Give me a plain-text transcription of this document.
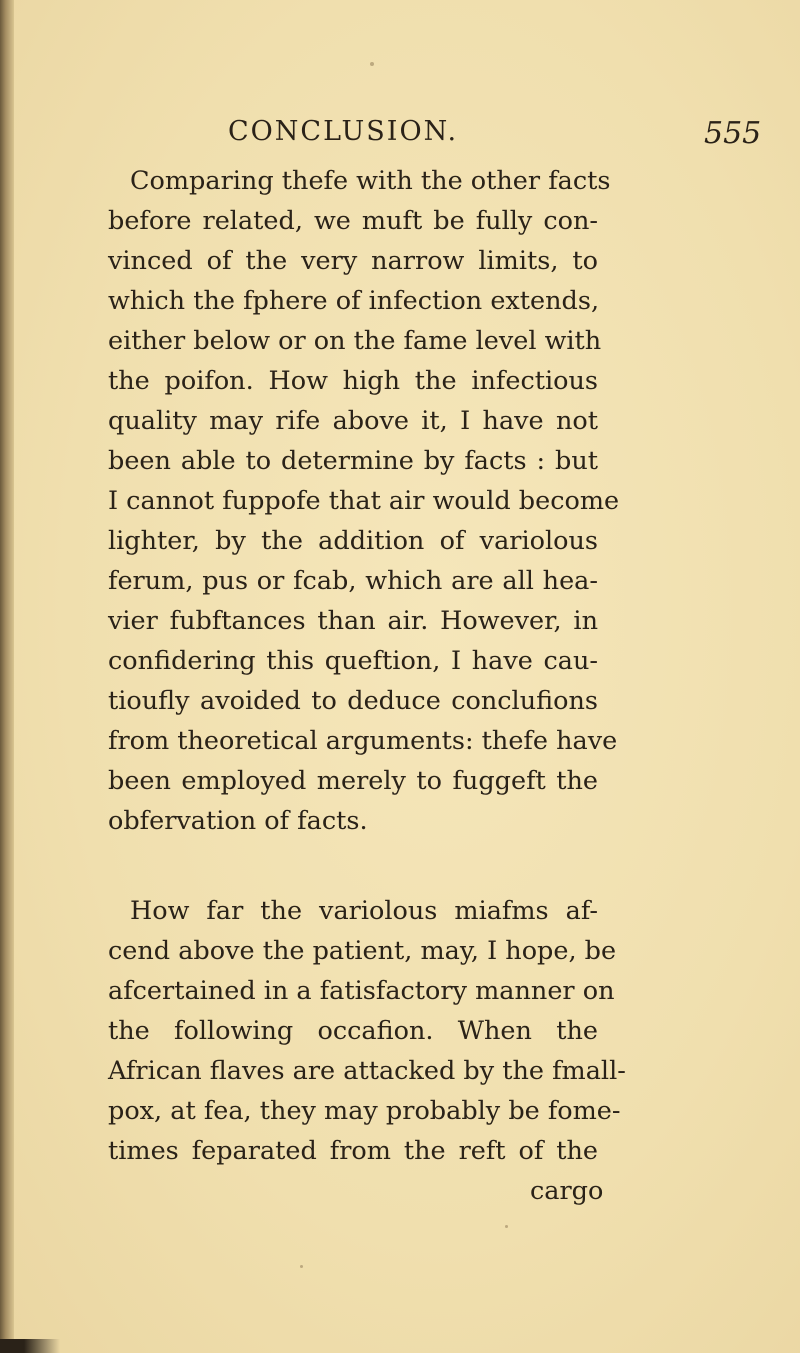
CONCLUSION.	555
Comparing thefe with the other facts
before related, we muft be fully con-
vinced of the very narrow limits, to
which the fphere of infection extends,
either below or on the fame level with
the poifon. How high the infectious
quality may rife above it, I have not
been able to determine by facts : but
I cannot fuppofe that air would become
lighter, by the addition of variolous
ferum, pus or fcab, which are all hea-
vier fubftances than air. However, in
confidering this queftion, I have cau-
tioufly avoided to deduce conclufions
from theoretical arguments: thefe have
been employed merely to fuggeft the
obfervation of facts.
How far the variolous miafms af-
cend above the patient, may, I hope, be
afcertained in a fatisfactory manner on
the following occafion. When the
African flaves are attacked by the fmall-
pox, at fea, they may probably be fome-
times feparated from the reft of the
cargo
